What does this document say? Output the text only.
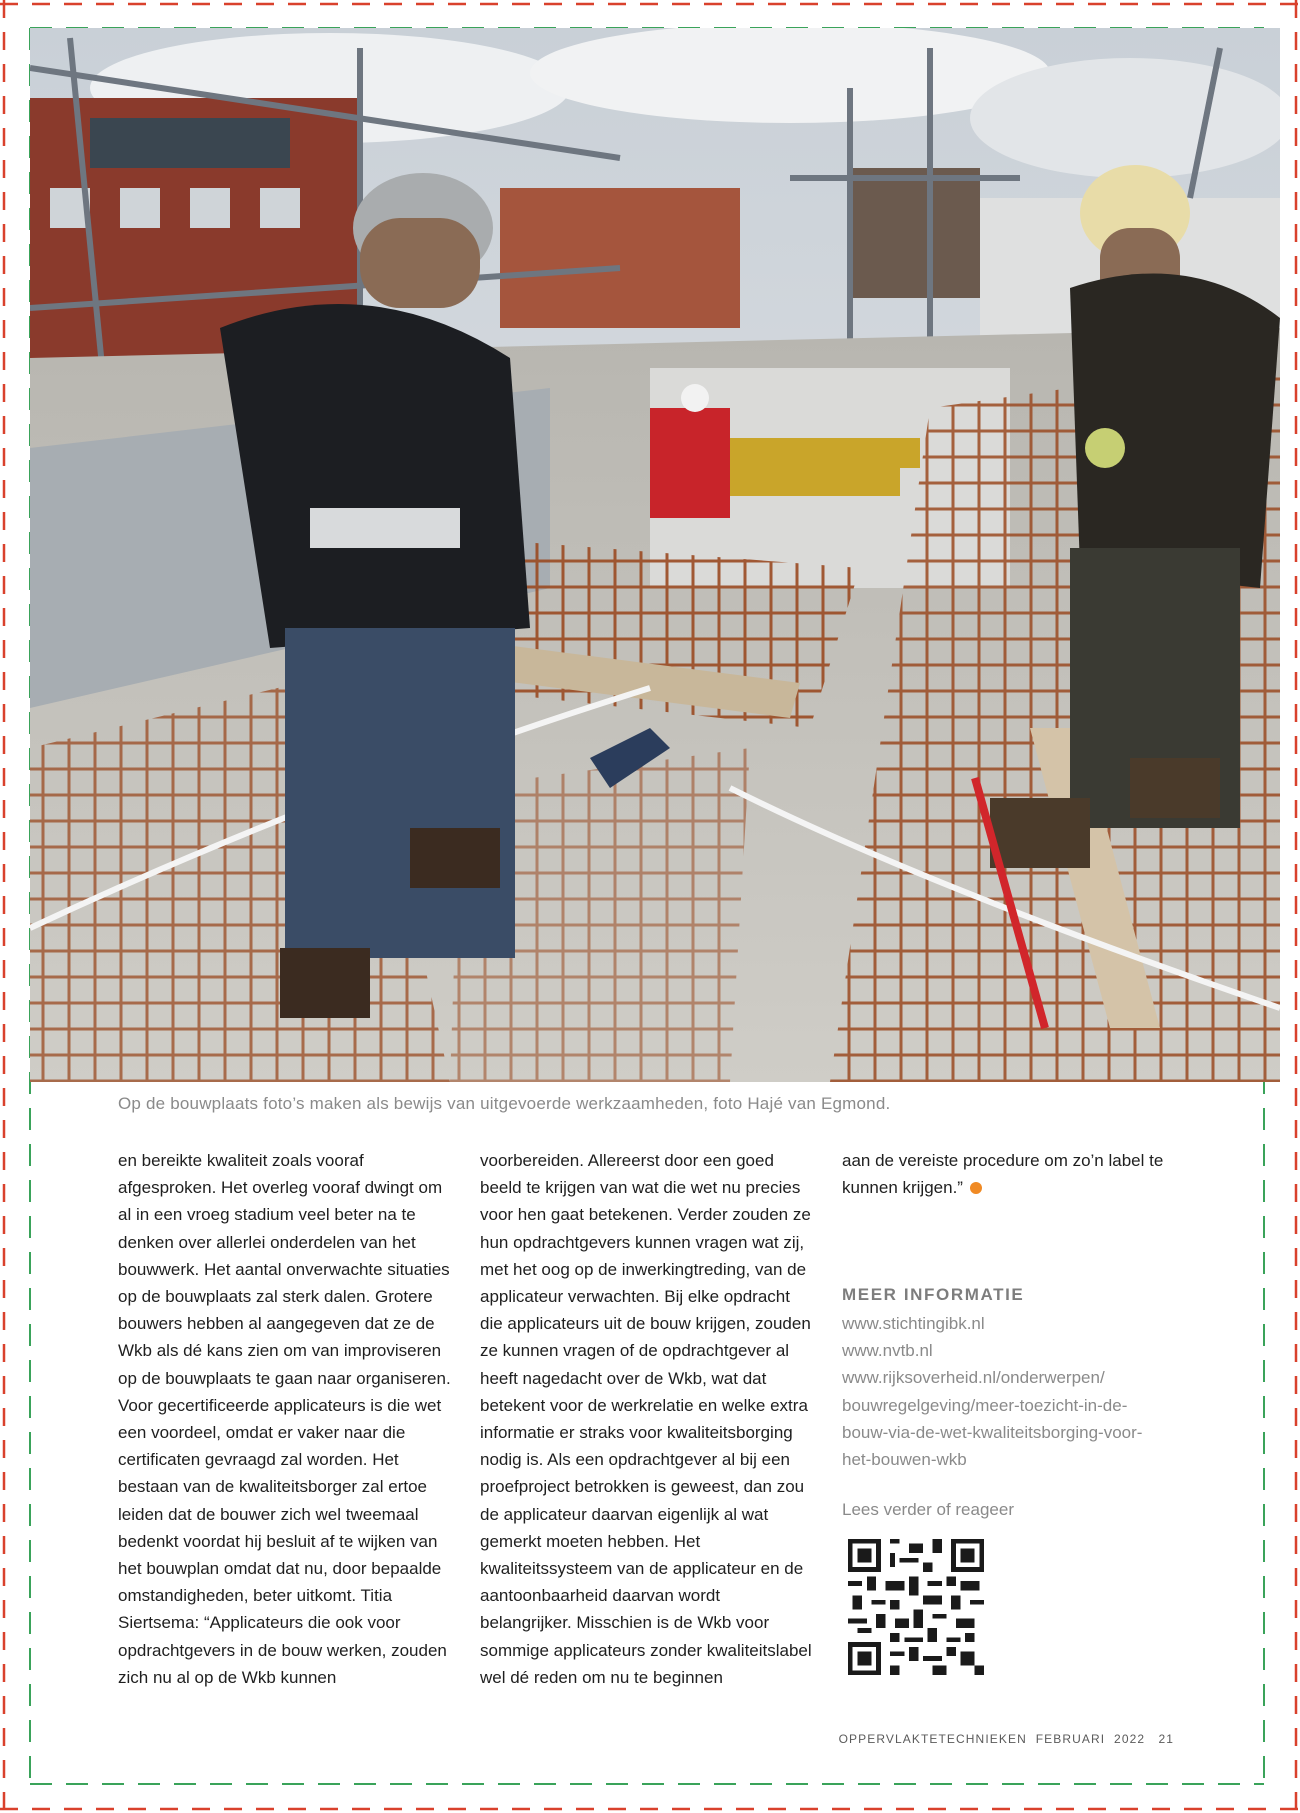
Op de bouwplaats foto’s maken als bewijs van uitgevoerde werkzaamheden, foto Hajé van Egmond.

en bereikte kwaliteit zoals vooraf afgesproken. Het overleg vooraf dwingt om al in een vroeg stadium veel beter na te denken over allerlei onderdelen van het bouwwerk. Het aantal onverwachte situaties op de bouwplaats zal sterk dalen. Grotere bouwers hebben al aangegeven dat ze de Wkb als dé kans zien om van improviseren op de bouwplaats te gaan naar organiseren. Voor gecertificeerde applicateurs is die wet een voordeel, omdat er vaker naar die certificaten gevraagd zal worden. Het bestaan van de kwaliteitsborger zal ertoe leiden dat de bouwer zich wel tweemaal bedenkt voordat hij besluit af te wijken van het bouwplan omdat dat nu, door bepaalde omstandigheden, beter uitkomt. Titia Siertsema: “Applicateurs die ook voor opdrachtgevers in de bouw werken, zouden zich nu al op de Wkb kunnen

voorbereiden. Allereerst door een goed beeld te krijgen van wat die wet nu precies voor hen gaat betekenen. Verder zouden ze hun opdrachtgevers kunnen vragen wat zij, met het oog op de inwerkingtreding, van de applicateur verwachten. Bij elke opdracht die applicateurs uit de bouw krijgen, zouden ze kunnen vragen of de opdrachtgever al heeft nagedacht over de Wkb, wat dat betekent voor de werkrelatie en welke extra informatie er straks voor kwaliteitsborging nodig is. Als een opdrachtgever al bij een proefproject betrokken is geweest, dan zou de applicateur daarvan eigenlijk al wat gemerkt moeten hebben. Het kwaliteitssysteem van de applicateur en de aantoonbaarheid daarvan wordt belangrijker. Misschien is de Wkb voor sommige applicateurs zonder kwaliteitslabel wel dé reden om nu te beginnen

aan de vereiste procedure om zo’n label te kunnen krijgen.”

MEER INFORMATIE
www.stichtingibk.nl
www.nvtb.nl
www.rijksoverheid.nl/onderwerpen/
bouwregelgeving/meer-toezicht-in-de-
bouw-via-de-wet-kwaliteitsborging-voor-
het-bouwen-wkb
Lees verder of reageer
OPPERVLAKTETECHNIEKEN  FEBRUARI  2022   21
